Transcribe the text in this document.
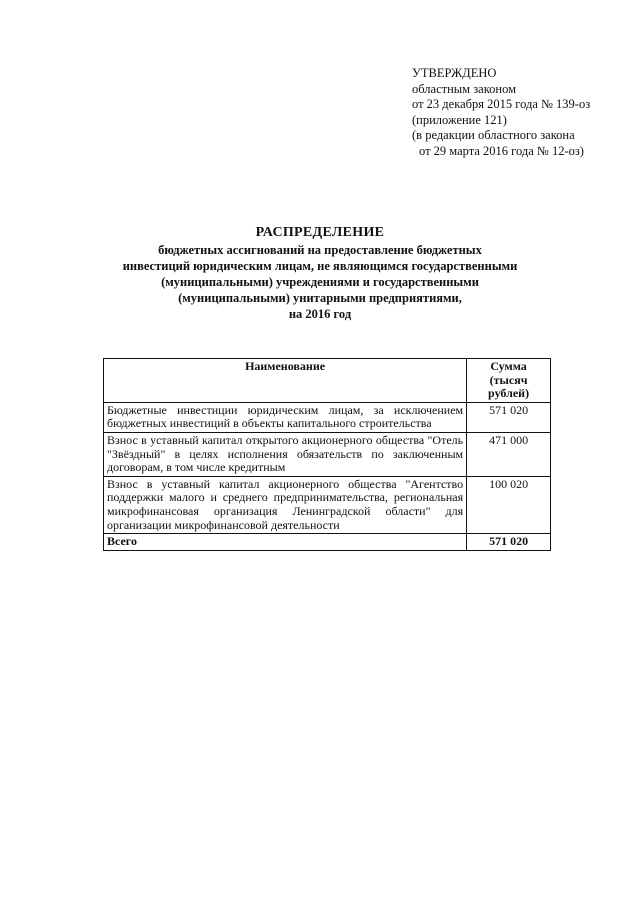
УТВЕРЖДЕНО
областным законом
от 23 декабря 2015 года № 139-оз
(приложение 121)
(в редакции областного закона
от 29 марта 2016 года № 12-оз)
РАСПРЕДЕЛЕНИЕ
бюджетных ассигнований на предоставление бюджетных
инвестиций юридическим лицам, не являющимся государственными
(муниципальными) учреждениями и государственными
(муниципальными) унитарными предприятиями,
на 2016 год
Наименование	Сумма
(тысяч рублей)

Бюджетные инвестиции юридическим лицам, за исключением бюджетных инвестиций в объекты капитального строительства	571 020
Взнос в уставный капитал открытого акционерного общества "Отель "Звёздный" в целях исполнения обязательств по заключенным договорам, в том числе кредитным	471 000
Взнос в уставный капитал акционерного общества "Агентство поддержки малого и среднего предпринимательства, региональная микрофинансовая организация Ленинградской области" для организации микрофинансовой деятельности	100 020
Всего	571 020
